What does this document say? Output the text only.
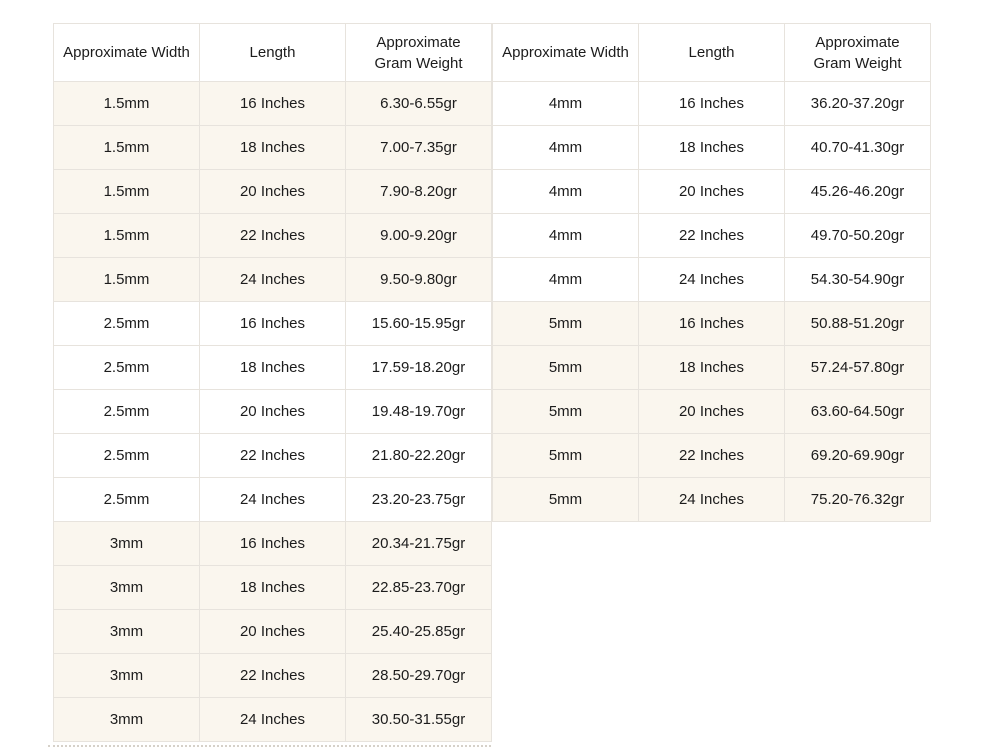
Approximate Width	Length	Approximate Gram Weight
1.5mm	16 Inches	6.30-6.55gr
1.5mm	18 Inches	7.00-7.35gr
1.5mm	20 Inches	7.90-8.20gr
1.5mm	22 Inches	9.00-9.20gr
1.5mm	24 Inches	9.50-9.80gr
2.5mm	16 Inches	15.60-15.95gr
2.5mm	18 Inches	17.59-18.20gr
2.5mm	20 Inches	19.48-19.70gr
2.5mm	22 Inches	21.80-22.20gr
2.5mm	24 Inches	23.20-23.75gr
3mm	16 Inches	20.34-21.75gr
3mm	18 Inches	22.85-23.70gr
3mm	20 Inches	25.40-25.85gr
3mm	22 Inches	28.50-29.70gr
3mm	24 Inches	30.50-31.55gr
Approximate Width	Length	Approximate Gram Weight
4mm	16 Inches	36.20-37.20gr
4mm	18 Inches	40.70-41.30gr
4mm	20 Inches	45.26-46.20gr
4mm	22 Inches	49.70-50.20gr
4mm	24 Inches	54.30-54.90gr
5mm	16 Inches	50.88-51.20gr
5mm	18 Inches	57.24-57.80gr
5mm	20 Inches	63.60-64.50gr
5mm	22 Inches	69.20-69.90gr
5mm	24 Inches	75.20-76.32gr
